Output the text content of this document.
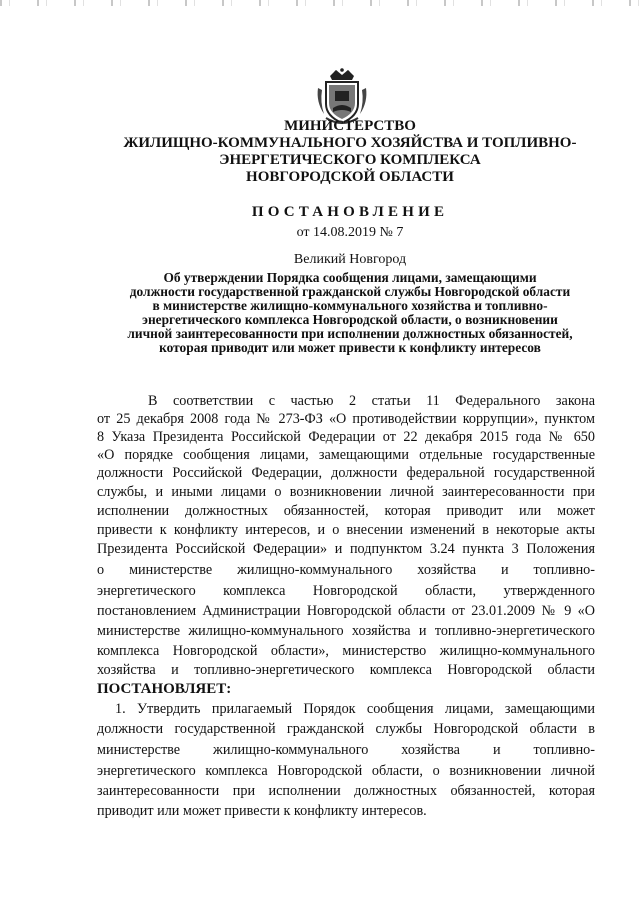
МИНИСТЕРСТВО
ЖИЛИЩНО-КОММУНАЛЬНОГО ХОЗЯЙСТВА И ТОПЛИВНО-
ЭНЕРГЕТИЧЕСКОГО КОМПЛЕКСА
НОВГОРОДСКОЙ ОБЛАСТИ
ПОСТАНОВЛЕНИЕ
от 14.08.2019 № 7
Великий Новгород
Об утверждении Порядка сообщения лицами, замещающими
должности государственной гражданской службы Новгородской области
в министерстве жилищно-коммунального хозяйства и топливно-
энергетического комплекса Новгородской области, о возникновении
личной заинтересованности при исполнении должностных обязанностей,
которая приводит или может привести к конфликту интересов
В соответствии с частью 2 статьи 11 Федерального закона
от 25 декабря 2008 года № 273-ФЗ «О противодействии коррупции», пунктом
8 Указа Президента Российской Федерации от 22 декабря 2015 года № 650
«О порядке сообщения лицами, замещающими отдельные государственные
должности Российской Федерации, должности федеральной государственной
службы, и иными лицами о возникновении личной заинтересованности при
исполнении должностных обязанностей, которая приводит или может
привести к конфликту интересов, и о внесении изменений в некоторые акты
Президента Российской Федерации» и подпунктом 3.24 пункта 3 Положения
о министерстве жилищно-коммунального хозяйства и топливно-
энергетического комплекса Новгородской области, утвержденного
постановлением Администрации Новгородской области от 23.01.2009 № 9 «О
министерстве жилищно-коммунального хозяйства и топливно-энергетического
комплекса Новгородской области», министерство жилищно-коммунального
хозяйства и топливно-энергетического комплекса Новгородской области
ПОСТАНОВЛЯЕТ:
1. Утвердить прилагаемый Порядок сообщения лицами, замещающими
должности государственной гражданской службы Новгородской области в
министерстве жилищно-коммунального хозяйства и топливно-
энергетического комплекса Новгородской области, о возникновении личной
заинтересованности при исполнении должностных обязанностей, которая
приводит или может привести к конфликту интересов.
